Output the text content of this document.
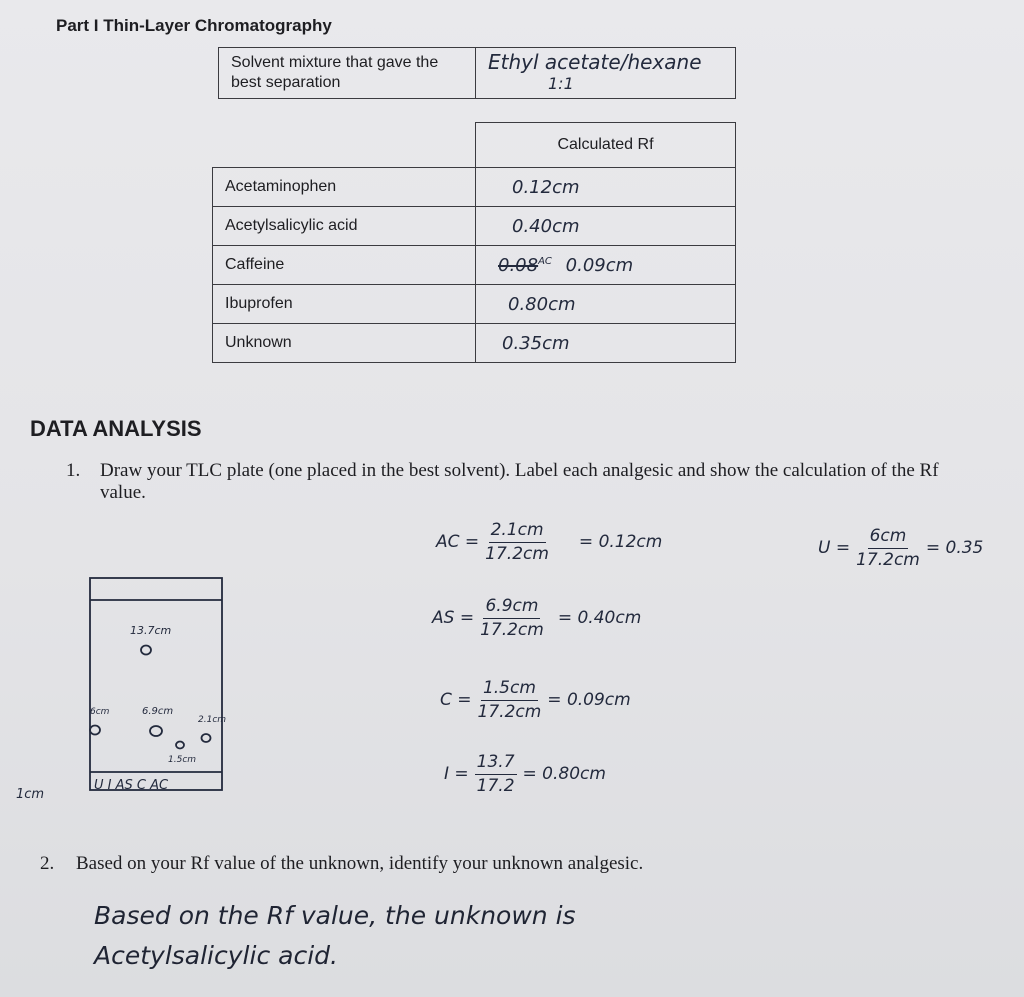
Part I Thin-Layer Chromatography
Solvent mixture that gave the best separation	
Ethyl acetate/hexane
1:1
	Calculated Rf
Acetaminophen	0.12cm
Acetylsalicylic acid	0.40cm
Caffeine	$0.08^{AC}$ 0.09cm
Ibuprofen	0.80cm
Unknown	0.35cm
DATA ANALYSIS
1. Draw your TLC plate (one placed in the best solvent). Label each analgesic and show the calculation of the Rf value.
AC = $\frac{2.1cm}{17.2cm} = 0.12cm$	$U = \frac{6cm}{17.2cm} = 0.35$
AS = $\frac{6.9cm}{17.2cm} = 0.40cm$
$C = \frac{1.5cm}{17.2cm} = 0.09cm$
$I = \frac{13.7}{17.2} = 0.80cm$
13.7cm
6cm	6.9cm
2.1cm
1.5cm
U I AS C AC
1cm
2. Based on your Rf value of the unknown, identify your unknown analgesic.
Based on the Rf value, the unknown is
Acetylsalicylic acid.
